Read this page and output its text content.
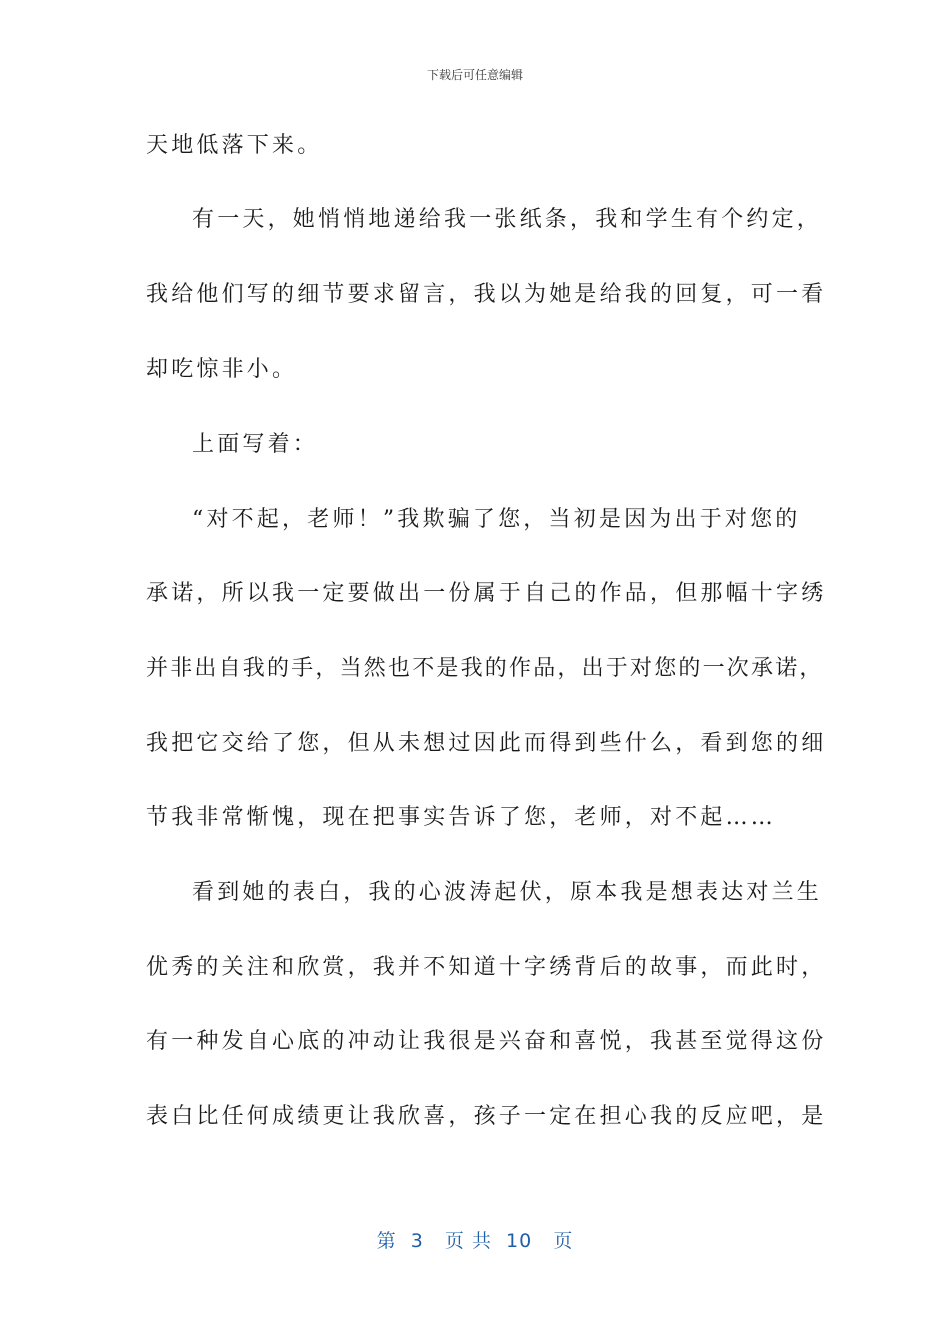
下载后可任意编辑
天地低落下来。
有一天，她悄悄地递给我一张纸条，我和学生有个约定，
我给他们写的细节要求留言，我以为她是给我的回复，可一看
却吃惊非小。
上面写着：
“对不起，老师！”我欺骗了您，当初是因为出于对您的
承诺，所以我一定要做出一份属于自己的作品，但那幅十字绣
并非出自我的手，当然也不是我的作品，出于对您的一次承诺，
我把它交给了您，但从未想过因此而得到些什么，看到您的细
节我非常惭愧，现在把事实告诉了您，老师，对不起……
看到她的表白，我的心波涛起伏，原本我是想表达对兰生
优秀的关注和欣赏，我并不知道十字绣背后的故事，而此时，
有一种发自心底的冲动让我很是兴奋和喜悦，我甚至觉得这份
表白比任何成绩更让我欣喜，孩子一定在担心我的反应吧，是
第  3   页 共  10   页
